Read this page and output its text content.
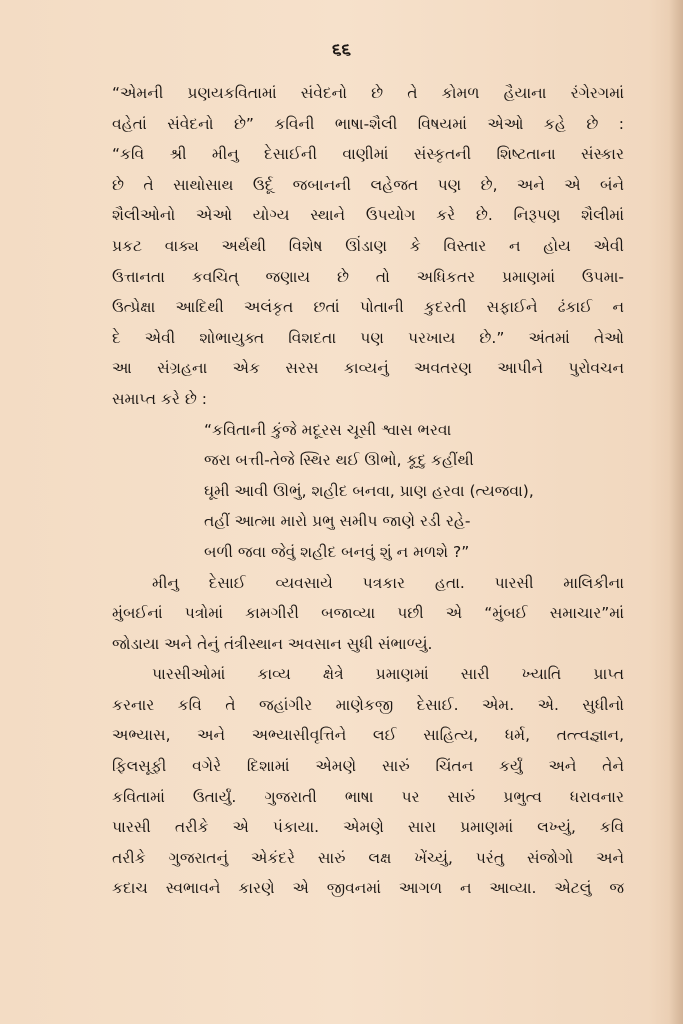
૬૬
“એમની પ્રણયકવિતામાં સંવેદનો છે તે કોમળ હૈયાના રંગેરગમાં
વહેતાં સંવેદનો છે” કવિની ભાષા-શૈલી વિષયમાં એઓ કહે છે :
“કવિ શ્રી મીનુ દેસાઈની વાણીમાં સંસ્કૃતની શિષ્ટતાના સંસ્કાર
છે તે સાથોસાથ ઉર્દૂ જબાનની લહેજત પણ છે, અને એ બંને
શૈલીઓનો એઓ યોગ્ય સ્થાને ઉપયોગ કરે છે. નિરૂપણ શૈલીમાં
પ્રકટ વાક્ય અર્થથી વિશેષ ઊંડાણ કે વિસ્તાર ન હોય એવી
ઉત્તાનતા કવચિત્ જણાય છે તો અધિકતર પ્રમાણમાં ઉપમા-
ઉત્પ્રેક્ષા આદિથી અલંકૃત છતાં પોતાની કુદરતી સફાઈને ઢંકાઈ ન
દે એવી શોભાયુક્ત વિશદતા પણ પરખાય છે.” અંતમાં તેઓ
આ સંગ્રહના એક સરસ કાવ્યનું અવતરણ આપીને પુરોવચન
સમાપ્ત કરે છે :
“કવિતાની કુંજે મદૂરસ ચૂસી શ્વાસ ભરવા
જરા બત્તી-તેજે સ્થિર થઈ ઊભો, કૂદુ કહીંથી
ઘૂમી આવી ઊભું, શહીદ બનવા, પ્રાણ હરવા (ત્યજવા),
તહીં આત્મા મારો પ્રભુ સમીપ જાણે રડી રહે-
બળી જવા જેવું શહીદ બનવું શું ન મળશે ?”
મીનુ દેસાઈ વ્યવસાયે પત્રકાર હતા. પારસી માલિકીના
મુંબઈનાં પત્રોમાં કામગીરી બજાવ્યા પછી એ “મુંબઈ સમાચાર”માં
જોડાયા અને તેનું તંત્રીસ્થાન અવસાન સુધી સંભાળ્યું.
પારસીઓમાં કાવ્ય ક્ષેત્રે પ્રમાણમાં સારી ખ્યાતિ પ્રાપ્ત
કરનાર કવિ તે જહાંગીર માણેકજી દેસાઈ. એમ. એ. સુધીનો
અભ્યાસ, અને અભ્યાસીવૃત્તિને લઈ સાહિત્ય, ધર્મ, તત્ત્વજ્ઞાન,
ફિલસૂફી વગેરે દિશામાં એમણે સારું ચિંતન કર્યું અને તેને
કવિતામાં ઉતાર્યું. ગુજરાતી ભાષા પર સારું પ્રભુત્વ ધરાવનાર
પારસી તરીકે એ પંકાયા. એમણે સારા પ્રમાણમાં લખ્યું, કવિ
તરીકે ગુજરાતનું એકંદરે સારું લક્ષ ખેંચ્યું, પરંતુ સંજોગો અને
કદાચ સ્વભાવને કારણે એ જીવનમાં આગળ ન આવ્યા. એટલું જ
